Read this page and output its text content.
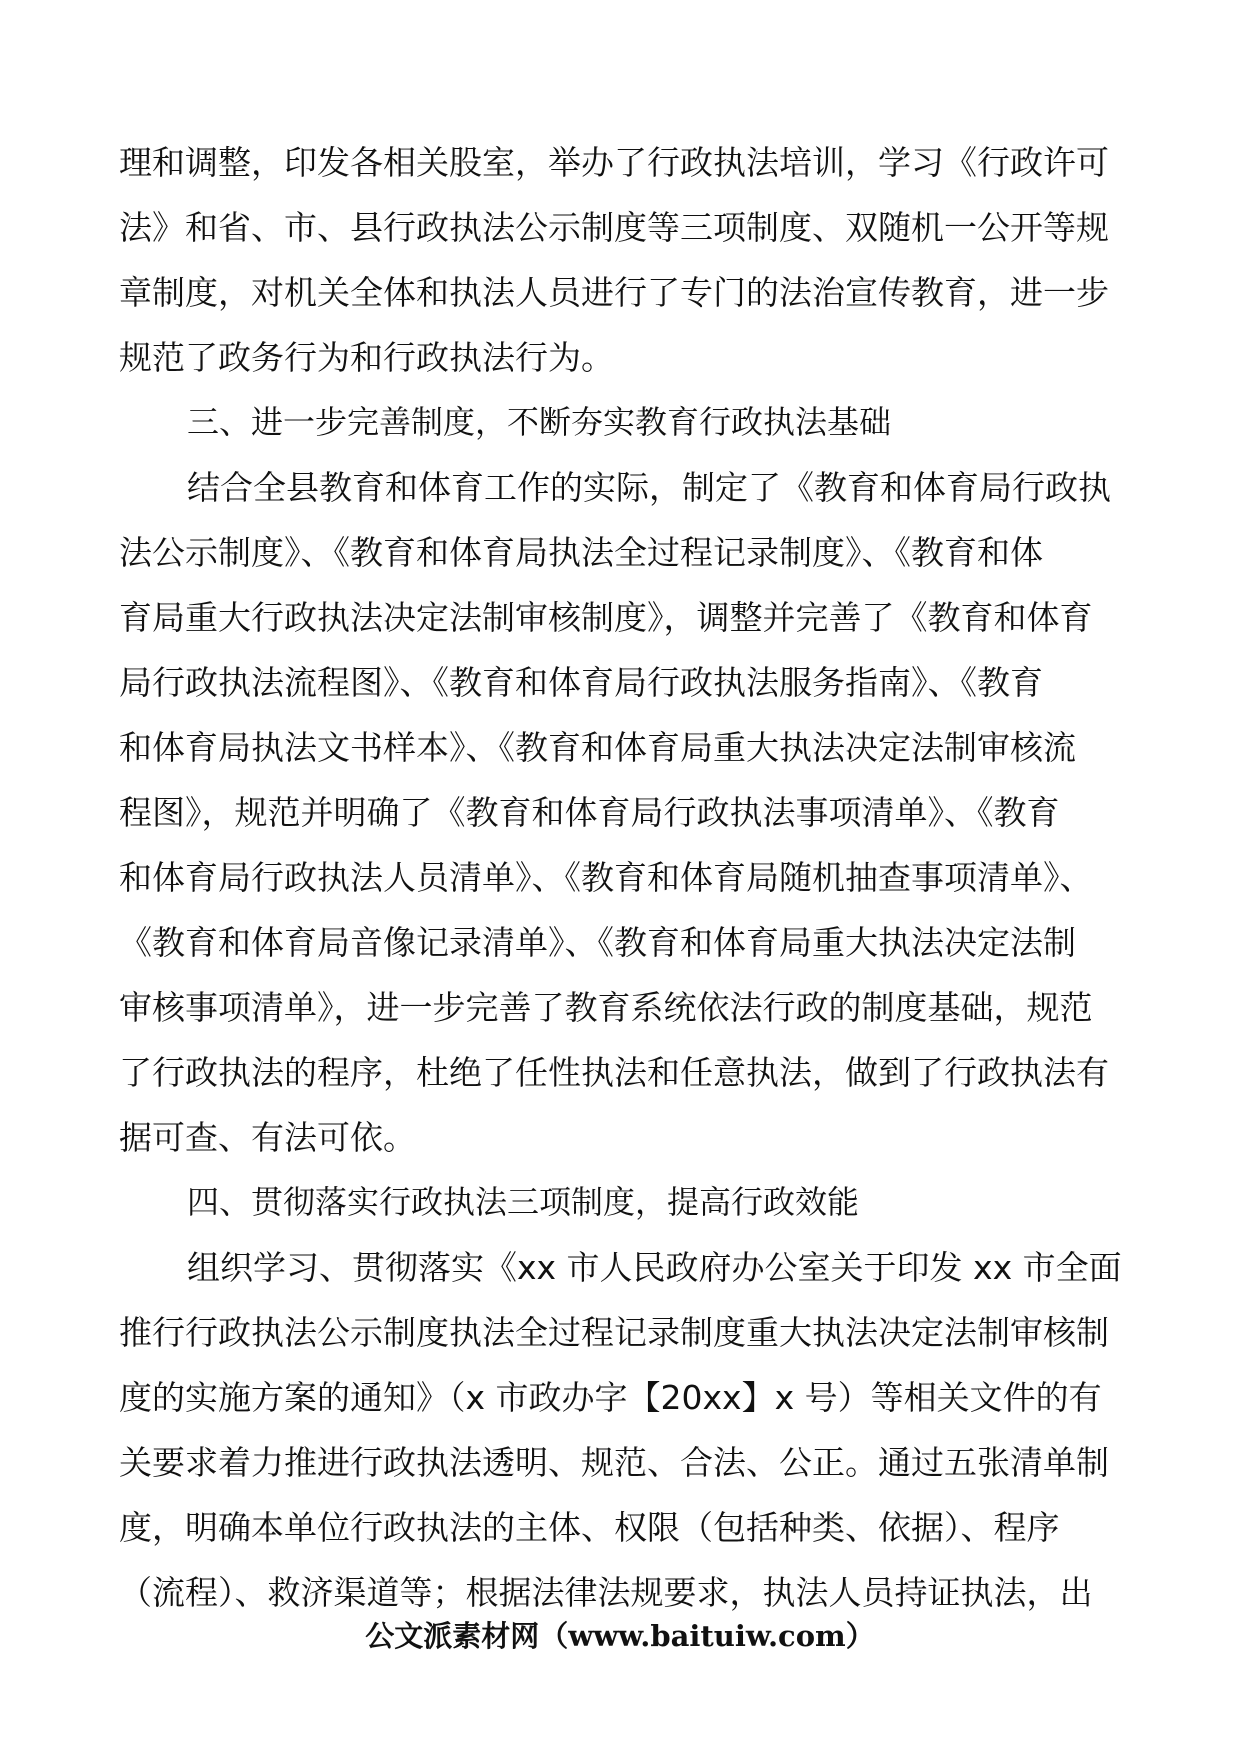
理和调整，印发各相关股室，举办了行政执法培训，学习《行政许可
法》和省、市、县行政执法公示制度等三项制度、双随机一公开等规
章制度，对机关全体和执法人员进行了专门的法治宣传教育，进一步
规范了政务行为和行政执法行为。
三、进一步完善制度，不断夯实教育行政执法基础
结合全县教育和体育工作的实际，制定了《教育和体育局行政执
法公示制度》、《教育和体育局执法全过程记录制度》、《教育和体
育局重大行政执法决定法制审核制度》，调整并完善了《教育和体育
局行政执法流程图》、《教育和体育局行政执法服务指南》、《教育
和体育局执法文书样本》、《教育和体育局重大执法决定法制审核流
程图》，规范并明确了《教育和体育局行政执法事项清单》、《教育
和体育局行政执法人员清单》、《教育和体育局随机抽查事项清单》、
《教育和体育局音像记录清单》、《教育和体育局重大执法决定法制
审核事项清单》，进一步完善了教育系统依法行政的制度基础，规范
了行政执法的程序，杜绝了任性执法和任意执法，做到了行政执法有
据可查、有法可依。
四、贯彻落实行政执法三项制度，提高行政效能
组织学习、贯彻落实《xx 市人民政府办公室关于印发 xx 市全面
推行行政执法公示制度执法全过程记录制度重大执法决定法制审核制
度的实施方案的通知》（x 市政办字【20xx】x 号）等相关文件的有
关要求着力推进行政执法透明、规范、合法、公正。通过五张清单制
度，明确本单位行政执法的主体、权限（包括种类、依据）、程序
（流程）、救济渠道等；根据法律法规要求，执法人员持证执法，出
公文派素材网（www.baituiw.com）
